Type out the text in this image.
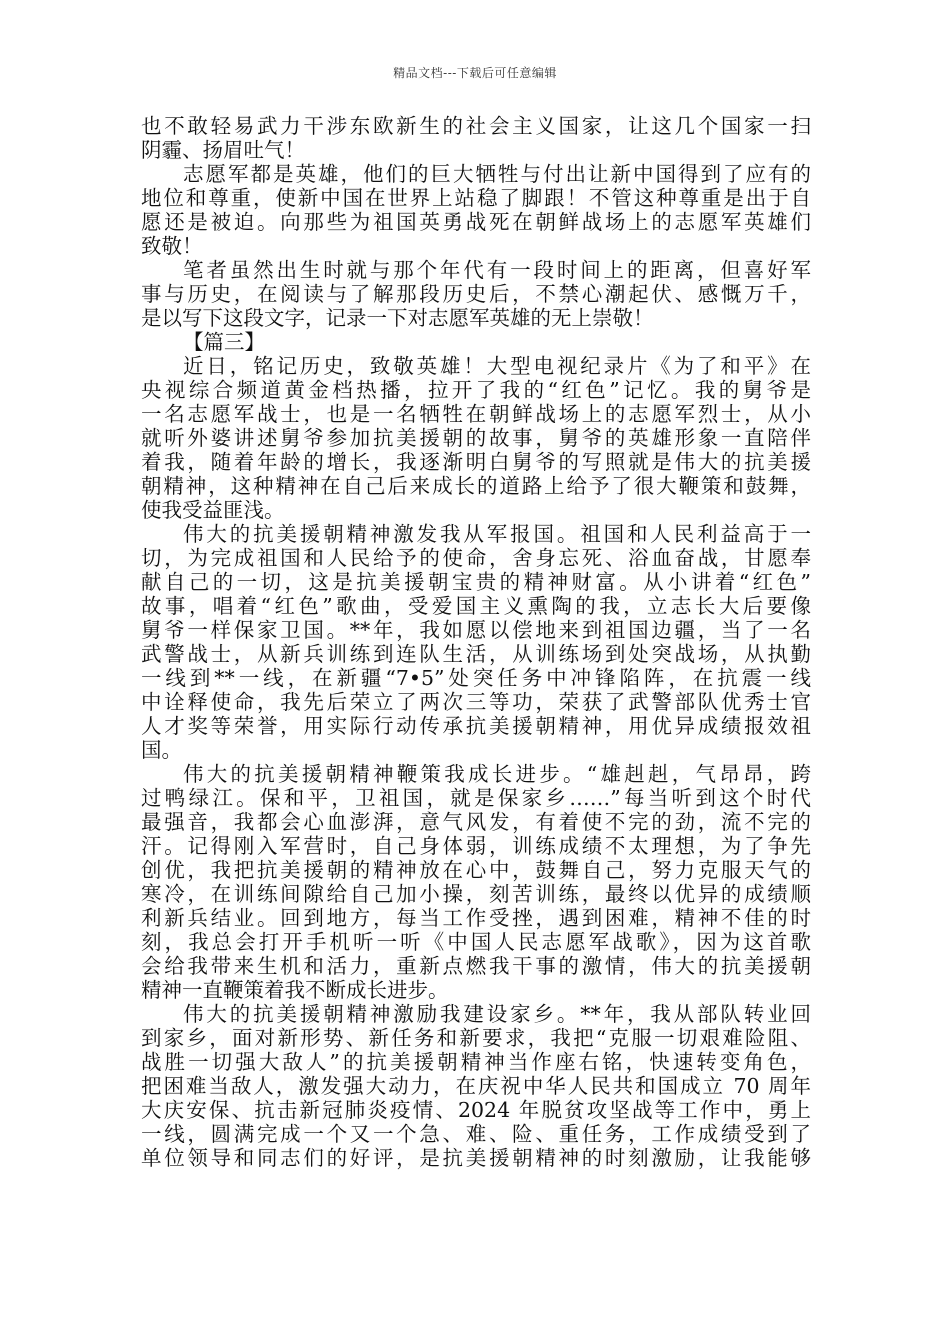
精品文档---下载后可任意编辑
也不敢轻易武力干涉东欧新生的社会主义国家，让这几个国家一扫
阴霾、扬眉吐气！
志愿军都是英雄，他们的巨大牺牲与付出让新中国得到了应有的
地位和尊重，使新中国在世界上站稳了脚跟！不管这种尊重是出于自
愿还是被迫。向那些为祖国英勇战死在朝鲜战场上的志愿军英雄们
致敬！
笔者虽然出生时就与那个年代有一段时间上的距离，但喜好军
事与历史，在阅读与了解那段历史后，不禁心潮起伏、感慨万千，
是以写下这段文字，记录一下对志愿军英雄的无上崇敬！
【篇三】
近日，铭记历史，致敬英雄！大型电视纪录片《为了和平》在
央视综合频道黄金档热播，拉开了我的“红色”记忆。我的舅爷是
一名志愿军战士，也是一名牺牲在朝鲜战场上的志愿军烈士，从小
就听外婆讲述舅爷参加抗美援朝的故事，舅爷的英雄形象一直陪伴
着我，随着年龄的增长，我逐渐明白舅爷的写照就是伟大的抗美援
朝精神，这种精神在自己后来成长的道路上给予了很大鞭策和鼓舞，
使我受益匪浅。
伟大的抗美援朝精神激发我从军报国。祖国和人民利益高于一
切，为完成祖国和人民给予的使命，舍身忘死、浴血奋战，甘愿奉
献自己的一切，这是抗美援朝宝贵的精神财富。从小讲着“红色”
故事，唱着“红色”歌曲，受爱国主义熏陶的我，立志长大后要像
舅爷一样保家卫国。**年，我如愿以偿地来到祖国边疆，当了一名
武警战士，从新兵训练到连队生活，从训练场到处突战场，从执勤
一线到**一线，在新疆“7•5”处突任务中冲锋陷阵，在抗震一线
中诠释使命，我先后荣立了两次三等功，荣获了武警部队优秀士官
人才奖等荣誉，用实际行动传承抗美援朝精神，用优异成绩报效祖
国。
伟大的抗美援朝精神鞭策我成长进步。“雄赳赳，气昂昂，跨
过鸭绿江。保和平，卫祖国，就是保家乡……”每当听到这个时代
最强音，我都会心血澎湃，意气风发，有着使不完的劲，流不完的
汗。记得刚入军营时，自己身体弱，训练成绩不太理想，为了争先
创优，我把抗美援朝的精神放在心中，鼓舞自己，努力克服天气的
寒冷，在训练间隙给自己加小操，刻苦训练，最终以优异的成绩顺
利新兵结业。回到地方，每当工作受挫，遇到困难，精神不佳的时
刻，我总会打开手机听一听《中国人民志愿军战歌》，因为这首歌
会给我带来生机和活力，重新点燃我干事的激情，伟大的抗美援朝
精神一直鞭策着我不断成长进步。
伟大的抗美援朝精神激励我建设家乡。**年，我从部队转业回
到家乡，面对新形势、新任务和新要求，我把“克服一切艰难险阻、
战胜一切强大敌人”的抗美援朝精神当作座右铭，快速转变角色，
把困难当敌人，激发强大动力，在庆祝中华人民共和国成立 70 周年
大庆安保、抗击新冠肺炎疫情、2024 年脱贫攻坚战等工作中，勇上
一线，圆满完成一个又一个急、难、险、重任务，工作成绩受到了
单位领导和同志们的好评，是抗美援朝精神的时刻激励，让我能够
